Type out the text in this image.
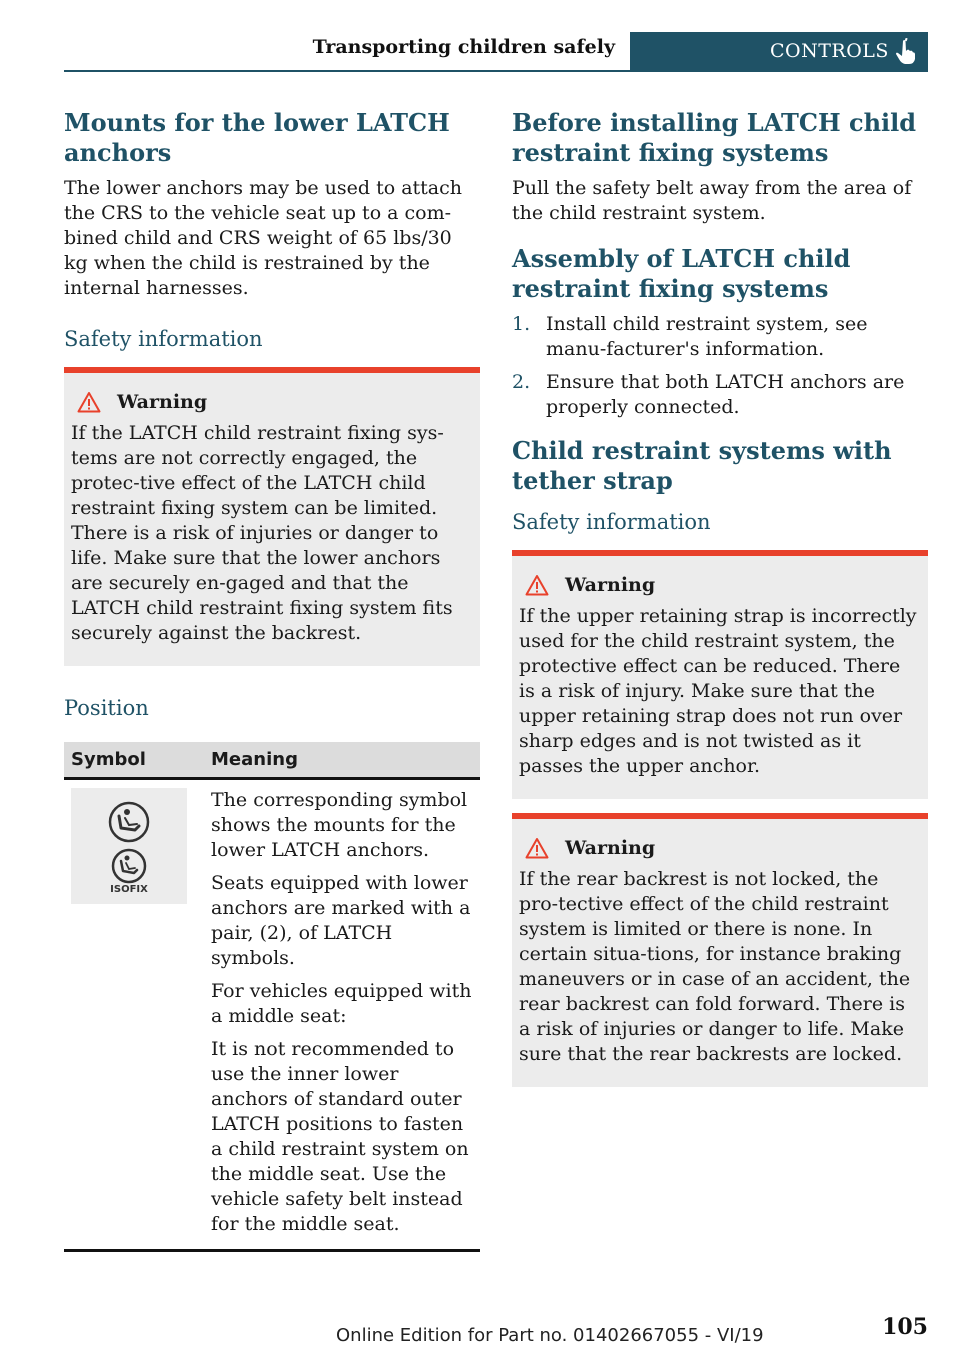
Transporting children safely	CONTROLS
Mounts for the lower LATCH anchors

The lower anchors may be used to attach the CRS to the vehicle seat up to a com-bined child and CRS weight of 65 lbs/30 kg when the child is restrained by the internal harnesses.

Safety information
Warning

If the LATCH child restraint fixing sys-tems are not correctly engaged, the protec-tive effect of the LATCH child restraint fixing system can be limited. There is a risk of injuries or danger to life. Make sure that the lower anchors are securely en-gaged and that the LATCH child restraint fixing system fits securely against the backrest.

Position
Symbol	Meaning

ISOFIX	The corresponding symbol shows the mounts for the lower LATCH anchors.

Seats equipped with lower anchors are marked with a pair, (2), of LATCH symbols.

For vehicles equipped with a middle seat:

It is not recommended to use the inner lower anchors of standard outer LATCH positions to fasten a child restraint system on the middle seat. Use the vehicle safety belt instead for the middle seat.

Before installing LATCH child restraint fixing systems

Pull the safety belt away from the area of the child restraint system.

Assembly of LATCH child restraint fixing systems
1. Install child restraint system, see manu-facturer's information.
2. Ensure that both LATCH anchors are properly connected.
Child restraint systems with tether strap
Safety information
Warning

If the upper retaining strap is incorrectly used for the child restraint system, the protective effect can be reduced. There is a risk of injury. Make sure that the upper retaining strap does not run over sharp edges and is not twisted as it passes the upper anchor.

Warning

If the rear backrest is not locked, the pro-tective effect of the child restraint system is limited or there is none. In certain situa-tions, for instance braking maneuvers or in case of an accident, the rear backrest can fold forward. There is a risk of injuries or danger to life. Make sure that the rear backrests are locked.

Online Edition for Part no. 01402667055 - VI/19	105
